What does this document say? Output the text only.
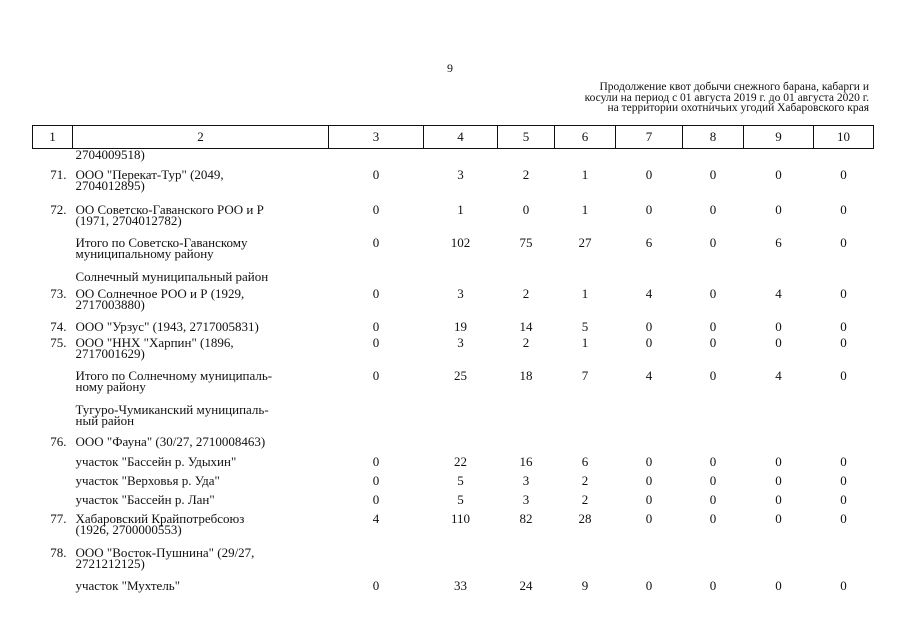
9
Продолжение квот добычи снежного барана, кабарги и
косули на период с 01 августа 2019 г. до 01 августа 2020 г.
на территории охотничьих угодий Хабаровского края
1	2	3	4	5	6	7	8	9	10

	2704009518)								

71.	ООО "Перекат-Тур" (2049,
2704012895)	0	3	2	1	0	0	0	0
72.	ОО Советско-Гаванского РОО и Р
(1971, 2704012782)	0	1	0	1	0	0	0	0

	Итого по Советско-Гаванскому
муниципальному району	0	102	75	27	6	0	6	0

	Солнечный муниципальный район								

73.	ОО Солнечное РОО и Р (1929,
2717003880)	0	3	2	1	4	0	4	0
74.	ООО "Урзус" (1943, 2717005831)	0	19	14	5	0	0	0	0
75.	ООО "НHX "Харпин" (1896,
2717001629)	0	3	2	1	0	0	0	0

	Итого по Солнечному муниципаль-
ному району	0	25	18	7	4	0	4	0

	Тугуро-Чумиканский муниципаль-
ный район								

76.	ООО "Фауна" (30/27, 2710008463)								

	участок "Бассейн р. Удыхин"	0	22	16	6	0	0	0	0

	участок "Верховья р. Уда"	0	5	3	2	0	0	0	0

	участок "Бассейн р. Лан"	0	5	3	2	0	0	0	0
77.	Хабаровский Крайпотребсоюз
(1926, 2700000553)	4	110	82	28	0	0	0	0
78.	ООО "Восток-Пушнина" (29/27,
2721212125)								

	участок "Мухтель"	0	33	24	9	0	0	0	0
